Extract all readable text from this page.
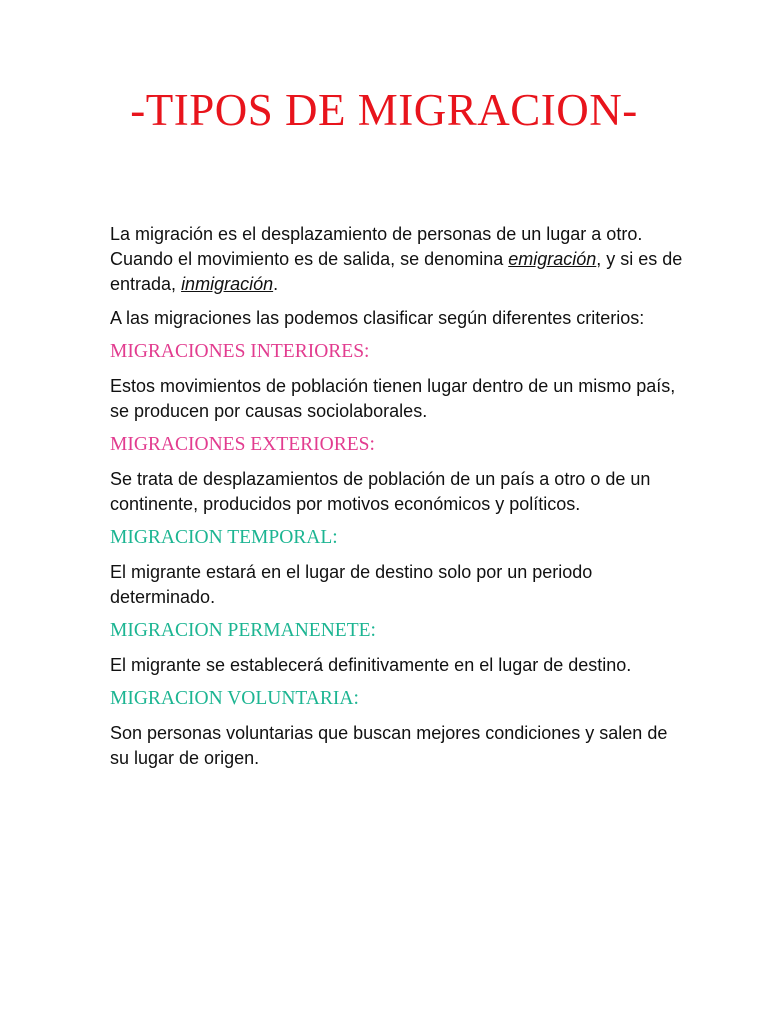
-TIPOS DE MIGRACION-

La migración es el desplazamiento de personas de un lugar a otro. Cuando el movimiento es de salida, se denomina emigración, y si es de entrada, inmigración.

A las migraciones las podemos clasificar según diferentes criterios:

MIGRACIONES INTERIORES:

Estos movimientos de población tienen lugar dentro de un mismo país, se producen por causas sociolaborales.

MIGRACIONES EXTERIORES:

Se trata de desplazamientos de población de un país a otro o de un continente, producidos por motivos económicos y políticos.

MIGRACION TEMPORAL:

El migrante estará en el lugar de destino solo por un periodo determinado.

MIGRACION PERMANENETE:

El migrante se establecerá definitivamente en el lugar de destino.

MIGRACION VOLUNTARIA:

Son personas voluntarias que buscan mejores condiciones y salen de su lugar de origen.
